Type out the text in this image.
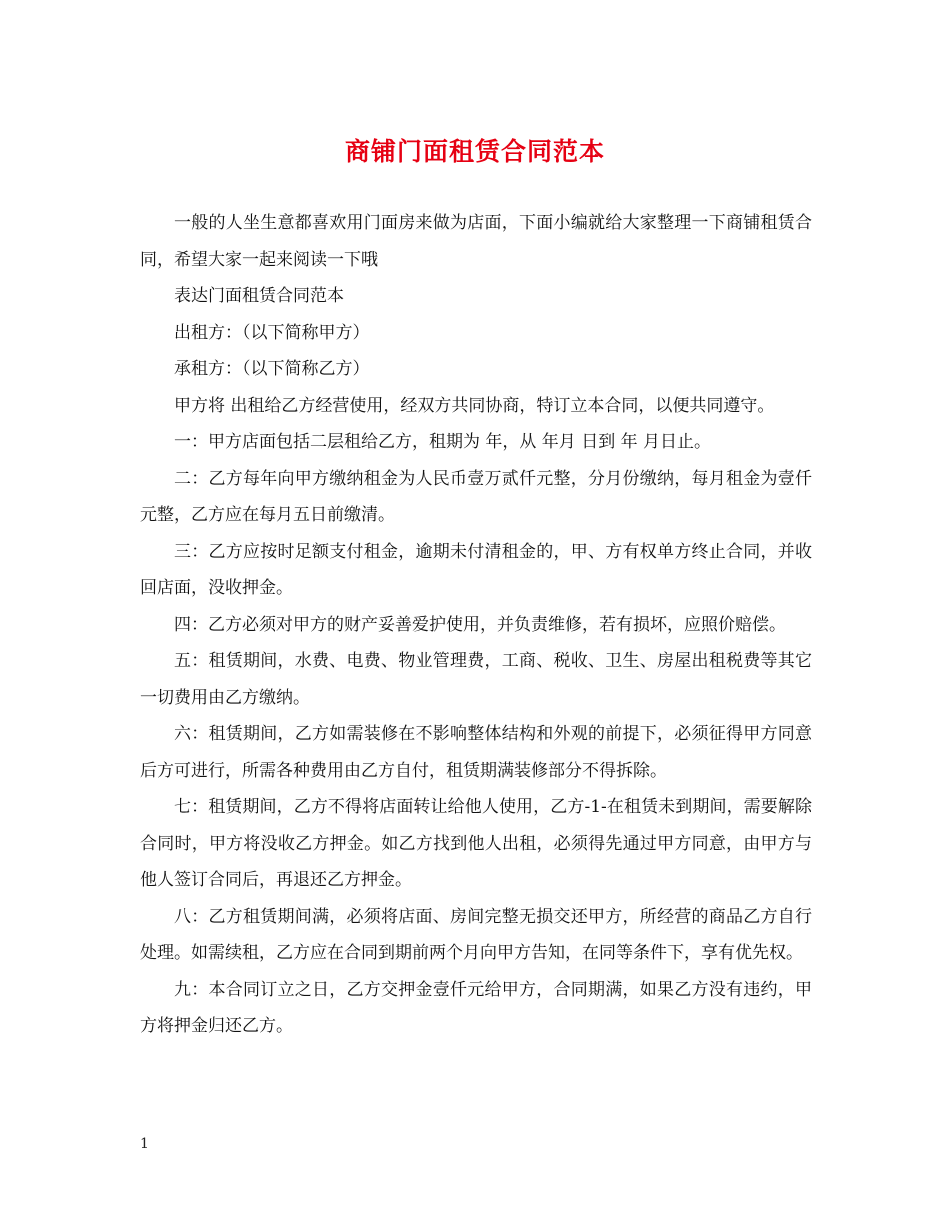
商铺门面租赁合同范本

一般的人坐生意都喜欢用门面房来做为店面，下面小编就给大家整理一下商铺租赁合同，希望大家一起来阅读一下哦

表达门面租赁合同范本

出租方：（以下简称甲方）

承租方：（以下简称乙方）

甲方将 出租给乙方经营使用，经双方共同协商，特订立本合同，以便共同遵守。

一：甲方店面包括二层租给乙方，租期为 年，从 年月 日到 年 月日止。

二：乙方每年向甲方缴纳租金为人民币壹万贰仟元整，分月份缴纳，每月租金为壹仟元整，乙方应在每月五日前缴清。

三：乙方应按时足额支付租金，逾期未付清租金的，甲、方有权单方终止合同，并收回店面，没收押金。

四：乙方必须对甲方的财产妥善爱护使用，并负责维修，若有损坏，应照价赔偿。

五：租赁期间，水费、电费、物业管理费，工商、税收、卫生、房屋出租税费等其它一切费用由乙方缴纳。

六：租赁期间，乙方如需装修在不影响整体结构和外观的前提下，必须征得甲方同意后方可进行，所需各种费用由乙方自付，租赁期满装修部分不得拆除。

七：租赁期间，乙方不得将店面转让给他人使用，乙方-1-在租赁未到期间，需要解除合同时，甲方将没收乙方押金。如乙方找到他人出租，必须得先通过甲方同意，由甲方与他人签订合同后，再退还乙方押金。

八：乙方租赁期间满，必须将店面、房间完整无损交还甲方，所经营的商品乙方自行处理。如需续租，乙方应在合同到期前两个月向甲方告知，在同等条件下，享有优先权。

九：本合同订立之日，乙方交押金壹仟元给甲方，合同期满，如果乙方没有违约，甲方将押金归还乙方。

1
